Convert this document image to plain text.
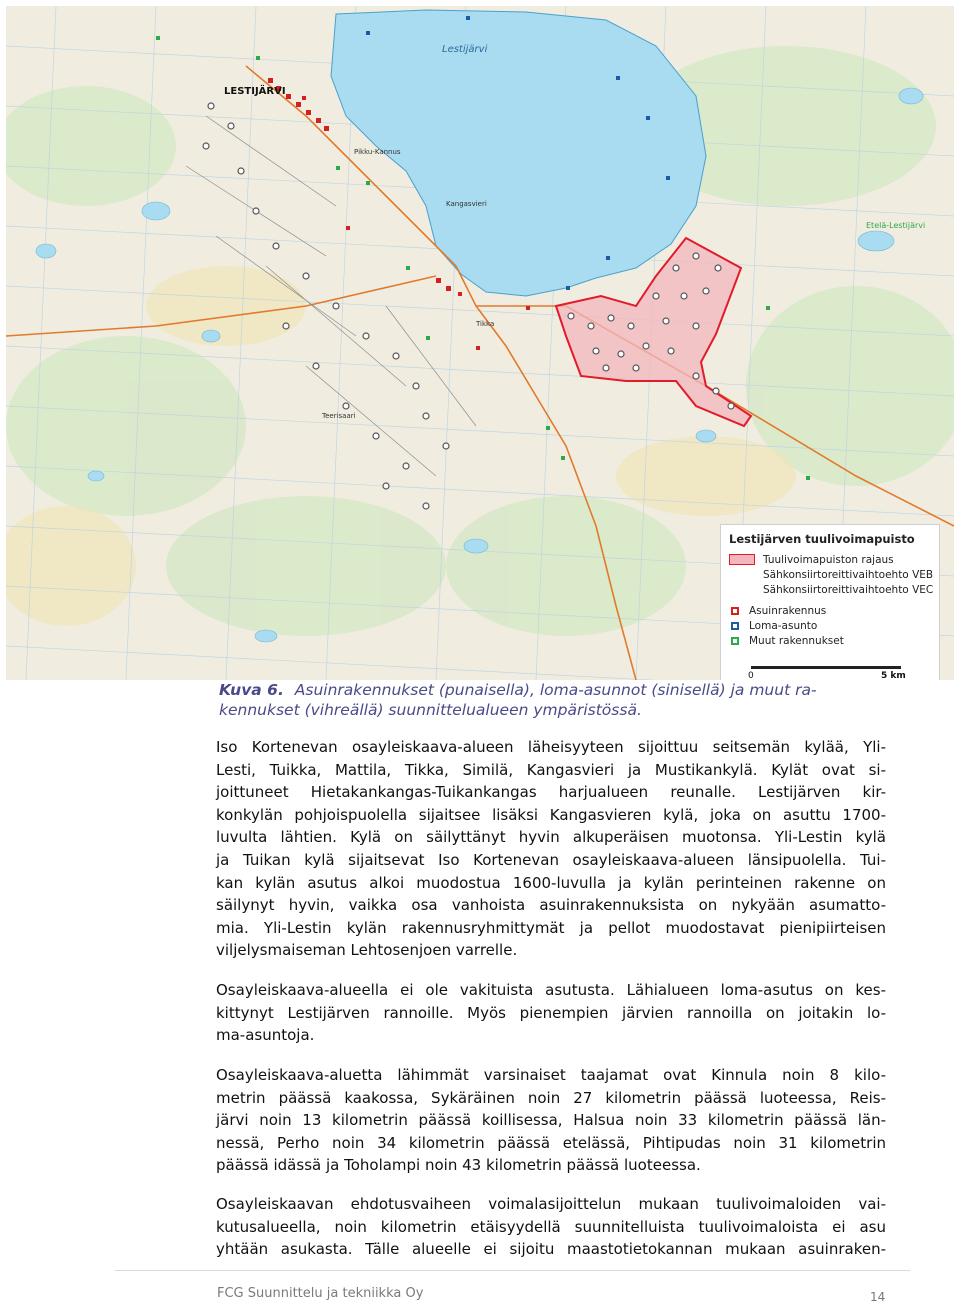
LESTIJÄRVI
Lestijärvi
Pikku-Kannus
Kangasvieri
Tikka
Teerisaari
Etelä-Lestijärvi
Lestijärven tuulivoimapuisto
Tuulivoimapuiston rajaus
Sähkonsiirtoreittivaihtoehto VEB
Sähkonsiirtoreittivaihtoehto VEC
Asuinrakennus
Loma-asunto
Muut rakennukset
0	5 km
Kuva 6. Asuinrakennukset (punaisella), loma-asunnot (sinisellä) ja muut ra-
kennukset (vihreällä) suunnittelualueen ympäristössä.
Iso Kortenevan osayleiskaava-alueen läheisyyteen sijoittuu seitsemän kylää, Yli-
Lesti, Tuikka, Mattila, Tikka, Similä, Kangasvieri ja Mustikankylä. Kylät ovat si-
joittuneet Hietakankangas-Tuikankangas harjualueen reunalle. Lestijärven kir-
konkylän pohjoispuolella sijaitsee lisäksi Kangasvieren kylä, joka on asuttu 1700-
luvulta lähtien. Kylä on säilyttänyt hyvin alkuperäisen muotonsa. Yli-Lestin kylä
ja Tuikan kylä sijaitsevat Iso Kortenevan osayleiskaava-alueen länsipuolella. Tui-
kan kylän asutus alkoi muodostua 1600-luvulla ja kylän perinteinen rakenne on
säilynyt hyvin, vaikka osa vanhoista asuinrakennuksista on nykyään asumatto-
mia. Yli-Lestin kylän rakennusryhmittymät ja pellot muodostavat pienipiirteisen
viljelysmaiseman Lehtosenjoen varrelle.
Osayleiskaava-alueella ei ole vakituista asutusta. Lähialueen loma-asutus on kes-
kittynyt Lestijärven rannoille. Myös pienempien järvien rannoilla on joitakin lo-
ma-asuntoja.
Osayleiskaava-aluetta lähimmät varsinaiset taajamat ovat Kinnula noin 8 kilo-
metrin päässä kaakossa, Sykäräinen noin 27 kilometrin päässä luoteessa, Reis-
järvi noin 13 kilometrin päässä koillisessa, Halsua noin 33 kilometrin päässä län-
nessä, Perho noin 34 kilometrin päässä etelässä, Pihtipudas noin 31 kilometrin
päässä idässä ja Toholampi noin 43 kilometrin päässä luoteessa.
Osayleiskaavan ehdotusvaiheen voimalasijoittelun mukaan tuulivoimaloiden vai-
kutusalueella, noin kilometrin etäisyydellä suunnitelluista tuulivoimaloista ei asu
yhtään asukasta. Tälle alueelle ei sijoitu maastotietokannan mukaan asuinraken-
FCG Suunnittelu ja tekniikka Oy	14
